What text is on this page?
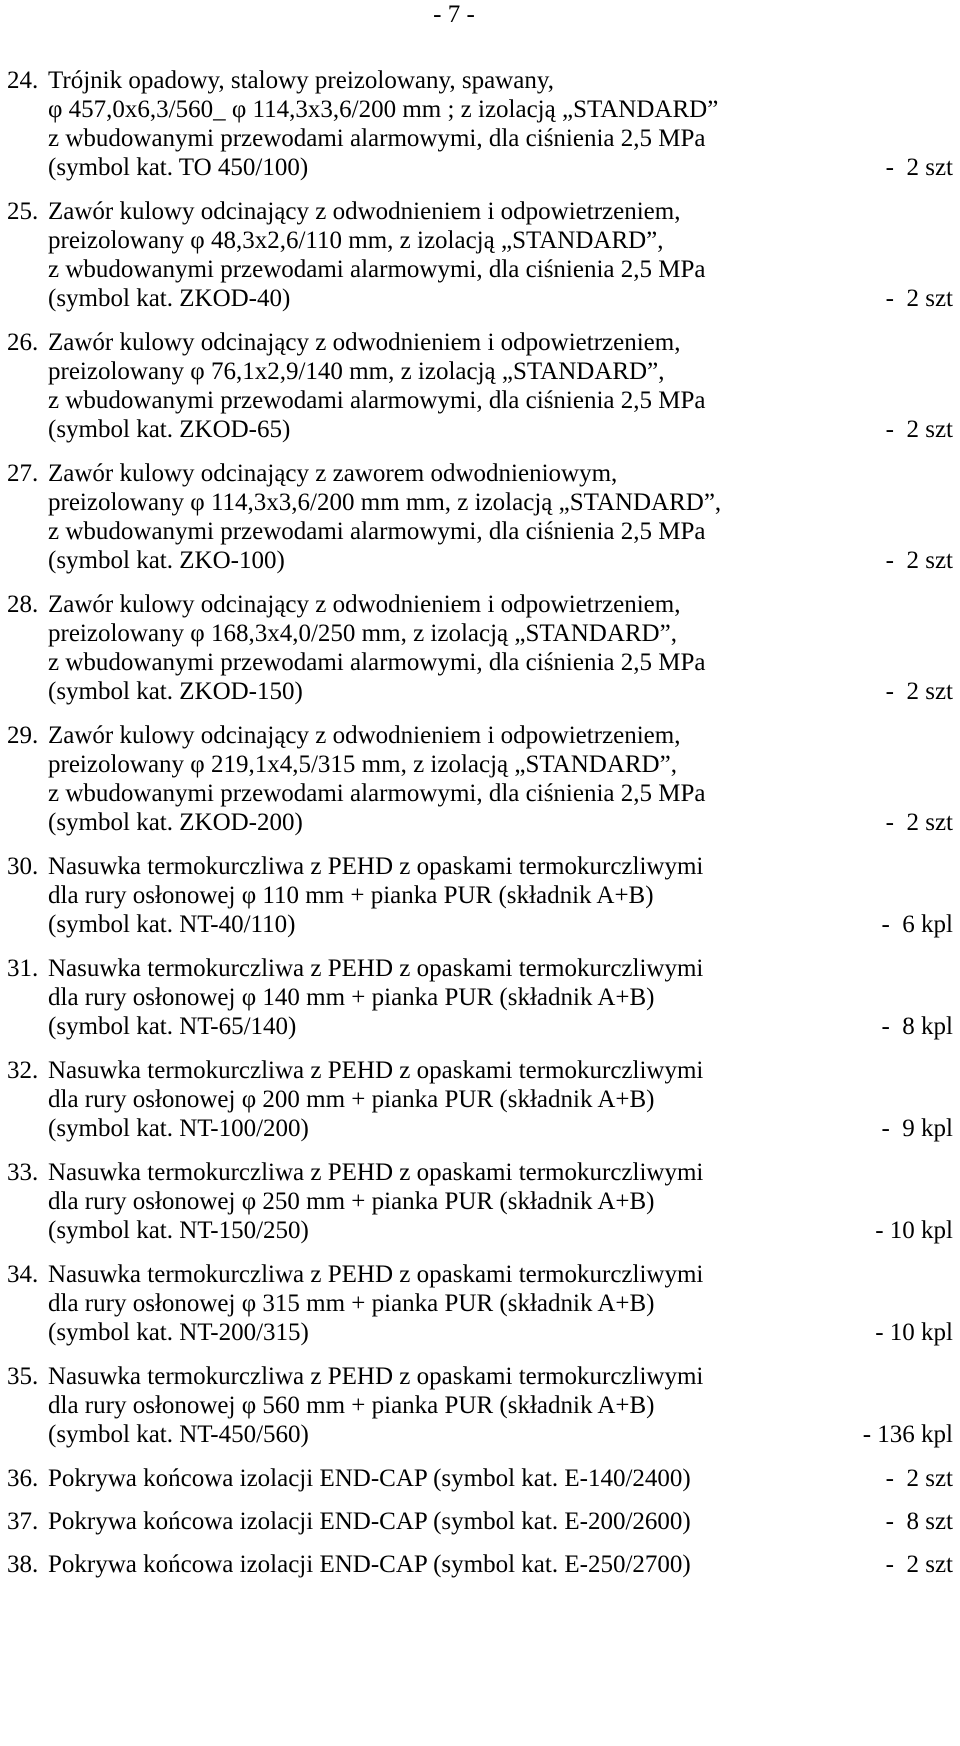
- 7 -
24. Trójnik opadowy, stalowy preizolowany, spawany,
φ 457,0x6,3/560_ φ 114,3x3,6/200 mm ; z izolacją „STANDARD”
z wbudowanymi przewodami alarmowymi, dla ciśnienia 2,5 MPa
(symbol kat. TO 450/100)	-  2 szt
25. Zawór kulowy odcinający z odwodnieniem i odpowietrzeniem,
preizolowany φ 48,3x2,6/110 mm, z izolacją „STANDARD”,
z wbudowanymi przewodami alarmowymi, dla ciśnienia 2,5 MPa
(symbol kat. ZKOD-40)	-  2 szt
26. Zawór kulowy odcinający z odwodnieniem i odpowietrzeniem,
preizolowany φ 76,1x2,9/140 mm, z izolacją „STANDARD”,
z wbudowanymi przewodami alarmowymi, dla ciśnienia 2,5 MPa
(symbol kat. ZKOD-65)	-  2 szt
27. Zawór kulowy odcinający z zaworem odwodnieniowym,
preizolowany φ 114,3x3,6/200 mm mm, z izolacją „STANDARD”,
z wbudowanymi przewodami alarmowymi, dla ciśnienia 2,5 MPa
(symbol kat. ZKO-100)	-  2 szt
28. Zawór kulowy odcinający z odwodnieniem i odpowietrzeniem,
preizolowany φ 168,3x4,0/250 mm, z izolacją „STANDARD”,
z wbudowanymi przewodami alarmowymi, dla ciśnienia 2,5 MPa
(symbol kat. ZKOD-150)	-  2 szt
29. Zawór kulowy odcinający z odwodnieniem i odpowietrzeniem,
preizolowany φ 219,1x4,5/315 mm, z izolacją „STANDARD”,
z wbudowanymi przewodami alarmowymi, dla ciśnienia 2,5 MPa
(symbol kat. ZKOD-200)	-  2 szt
30. Nasuwka termokurczliwa z PEHD z opaskami termokurczliwymi
dla rury osłonowej φ 110 mm + pianka PUR (składnik A+B)
(symbol kat. NT-40/110)	-  6 kpl
31. Nasuwka termokurczliwa z PEHD z opaskami termokurczliwymi
dla rury osłonowej φ 140 mm + pianka PUR (składnik A+B)
(symbol kat. NT-65/140)	-  8 kpl
32. Nasuwka termokurczliwa z PEHD z opaskami termokurczliwymi
dla rury osłonowej φ 200 mm + pianka PUR (składnik A+B)
(symbol kat. NT-100/200)	-  9 kpl
33. Nasuwka termokurczliwa z PEHD z opaskami termokurczliwymi
dla rury osłonowej φ 250 mm + pianka PUR (składnik A+B)
(symbol kat. NT-150/250)	- 10 kpl
34. Nasuwka termokurczliwa z PEHD z opaskami termokurczliwymi
dla rury osłonowej φ 315 mm + pianka PUR (składnik A+B)
(symbol kat. NT-200/315)	- 10 kpl
35. Nasuwka termokurczliwa z PEHD z opaskami termokurczliwymi
dla rury osłonowej φ 560 mm + pianka PUR (składnik A+B)
(symbol kat. NT-450/560)	- 136 kpl
36. Pokrywa końcowa izolacji END-CAP (symbol kat. E-140/2400)	-  2 szt
37. Pokrywa końcowa izolacji END-CAP (symbol kat. E-200/2600)	-  8 szt
38. Pokrywa końcowa izolacji END-CAP (symbol kat. E-250/2700)	-  2 szt
